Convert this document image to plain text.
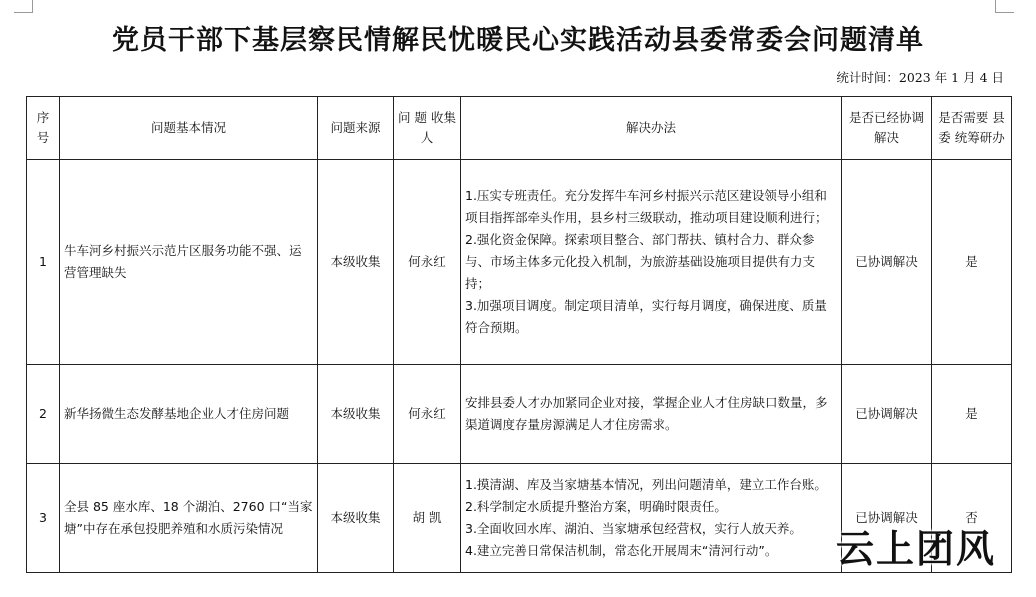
党员干部下基层察民情解民忧暖民心实践活动县委常委会问题清单
统计时间：2023 年 1 月 4 日
序号	问题基本情况	问题来源	问 题 收集人	解决办法	是否已经协调解决	是否需要 县 委 统筹研办
1	牛车河乡村振兴示范片区服务功能不强、运营管理缺失	本级收集	何永红	1.压实专班责任。充分发挥牛车河乡村振兴示范区建设领导小组和项目指挥部牵头作用，县乡村三级联动，推动项目建设顺利进行；
2.强化资金保障。探索项目整合、部门帮扶、镇村合力、群众参与、市场主体多元化投入机制，为旅游基础设施项目提供有力支持；
3.加强项目调度。制定项目清单，实行每月调度，确保进度、质量符合预期。	已协调解决	是
2	新华扬微生态发酵基地企业人才住房问题	本级收集	何永红	安排县委人才办加紧同企业对接，掌握企业人才住房缺口数量，多渠道调度存量房源满足人才住房需求。	已协调解决	是
3	全县 85 座水库、18 个湖泊、2760 口“当家塘”中存在承包投肥养殖和水质污染情况	本级收集	胡 凯	1.摸清湖、库及当家塘基本情况，列出问题清单，建立工作台账。
2.科学制定水质提升整治方案，明确时限责任。
3.全面收回水库、湖泊、当家塘承包经营权，实行人放天养。
4.建立完善日常保洁机制，常态化开展周末“清河行动”。	已协调解决	否
云上团风
